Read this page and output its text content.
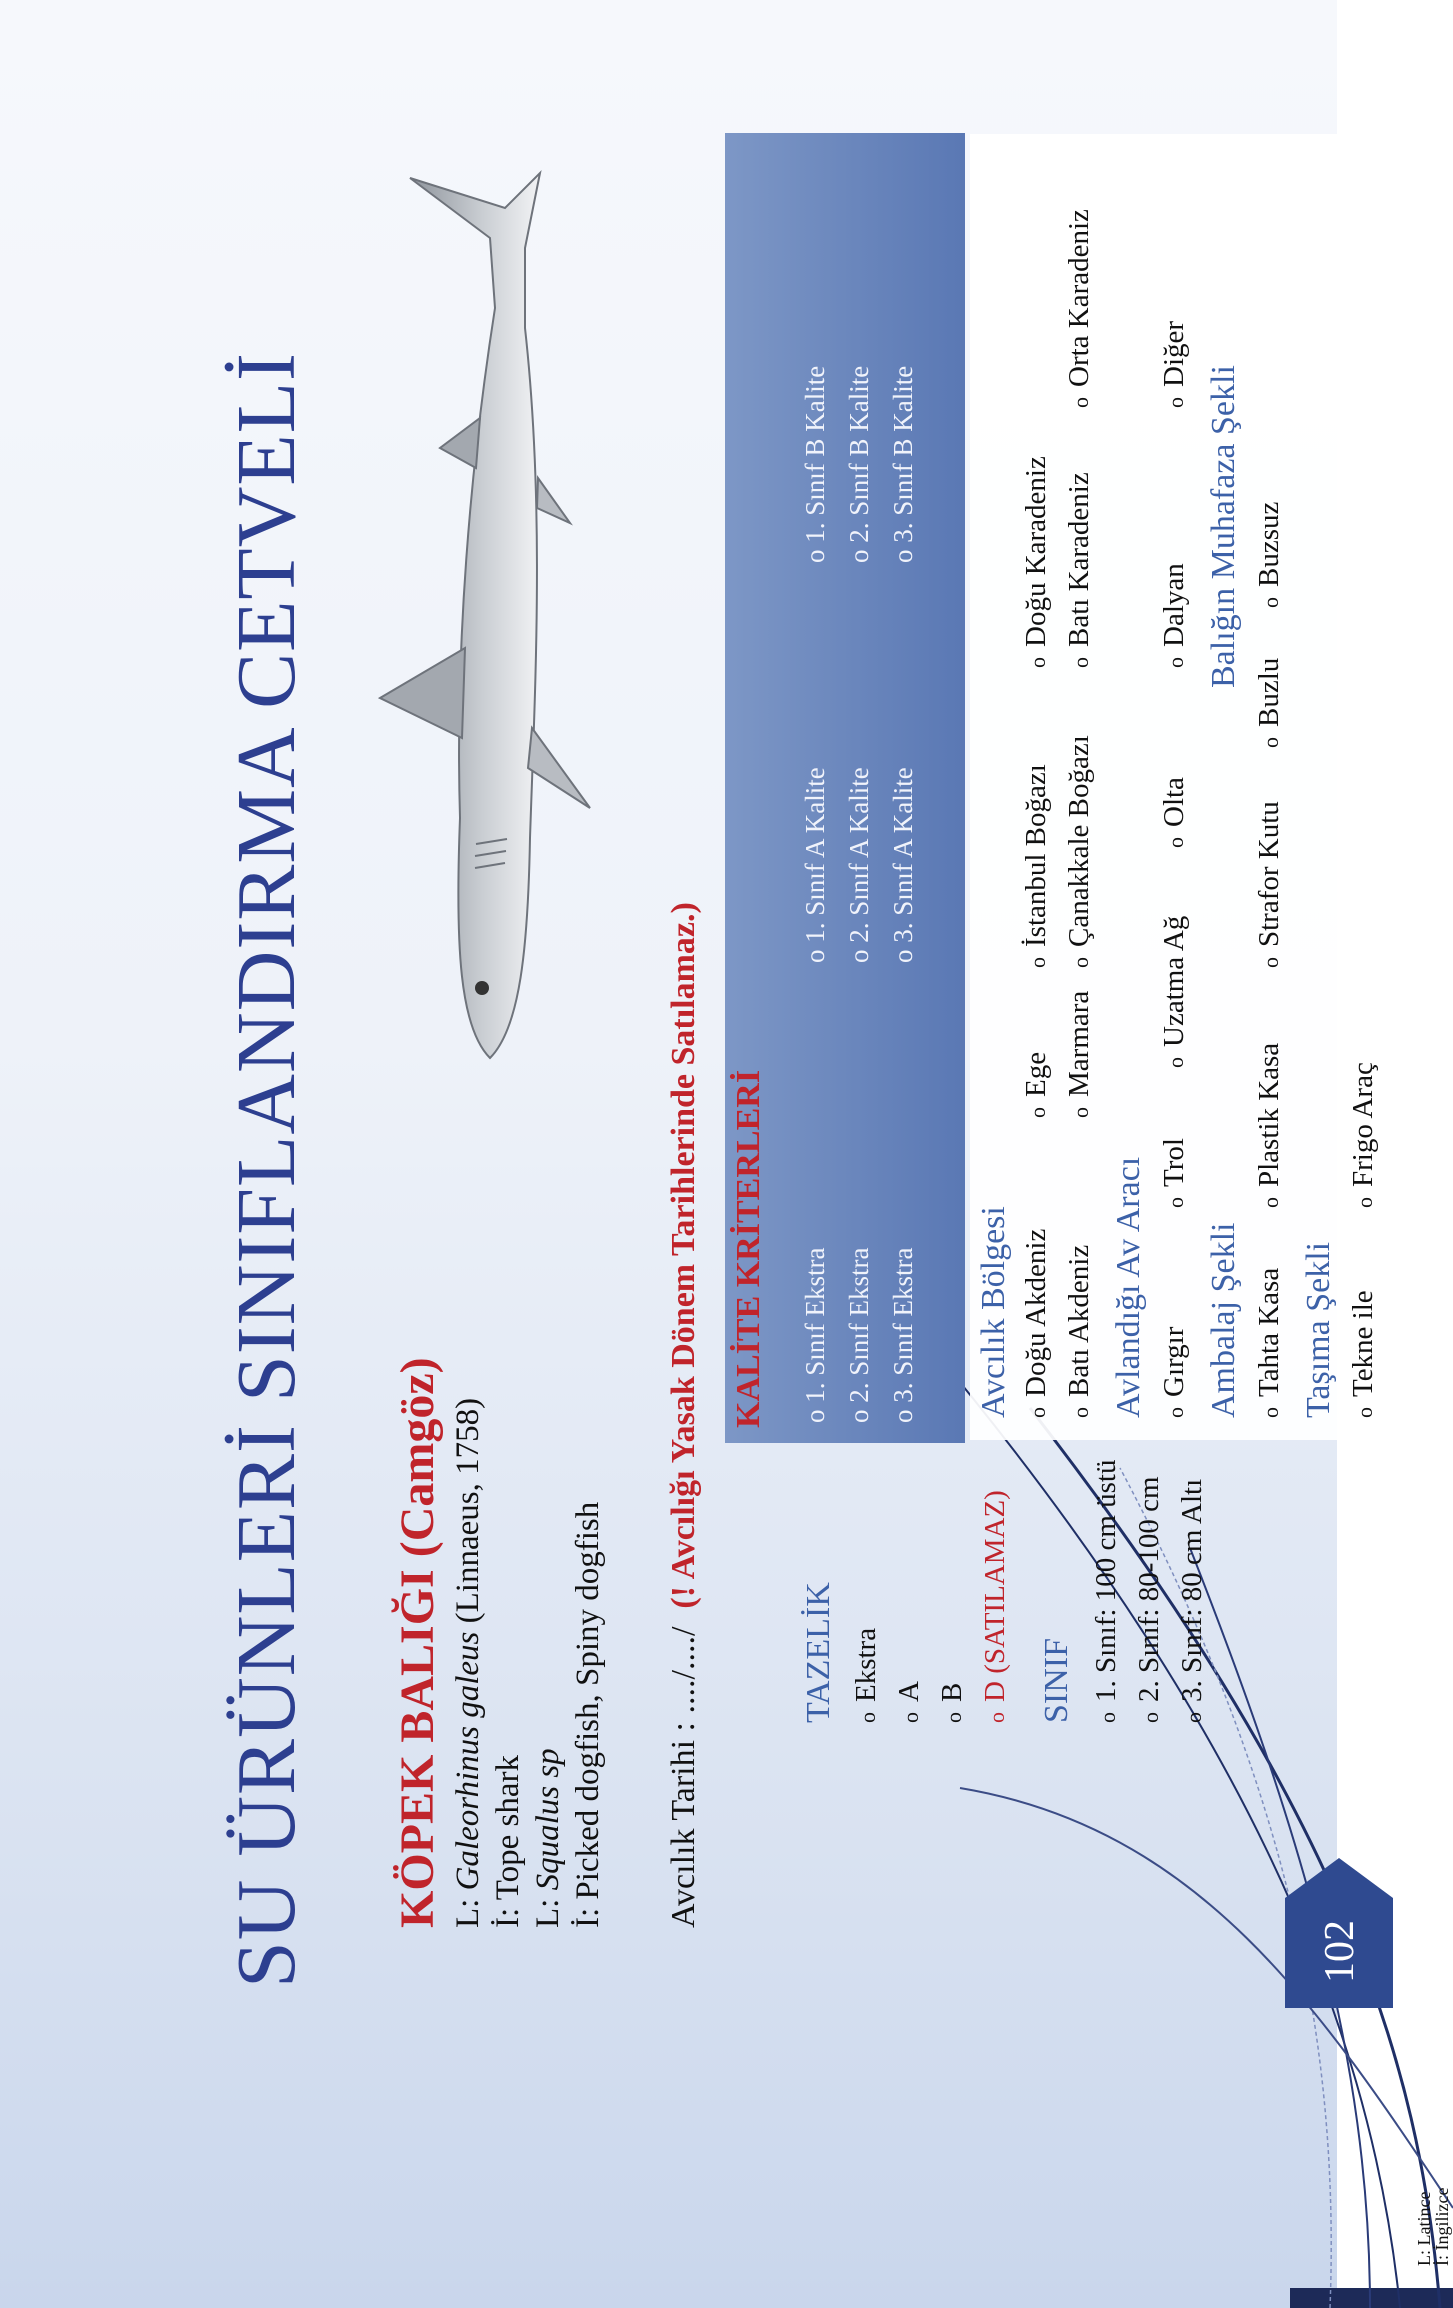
102
L: Latince
İ: İngilizce
SU ÜRÜNLERİ SINIFLANDIRMA CETVELİ KÖPEK BALIĞI (Camgöz) L: Galeorhinus galeus (Linnaeus, 1758)
İ: Tope shark L: Squalus sp İ: Picked dogfish, Spiny dogfish Avcılık Tarihi : ..../..../(! Avcılığı Yasak Dönem Tarihlerinde Satılamaz.)
TAZELİK oEkstra
oA
oB
oD (SATILAMAZ) SINIF o1. Sınıf: 100 cm üstü
o2. Sınıf: 80-100 cm
o3. Sınıf: 80 cm Altı
KALİTE KRİTERLERİ o 1. Sınıf Ekstra
o 2. Sınıf Ekstra
o 3. Sınıf Ekstra
o 1. Sınıf A Kalite
o 2. Sınıf A Kalite
o 3. Sınıf A Kalite
o 1. Sınıf B Kalite
o 2. Sınıf B Kalite
o 3. Sınıf B Kalite
Avcılık Bölgesi oDoğu Akdeniz
oEge
oİstanbul Boğazı
oDoğu Karadeniz
oBatı Akdeniz
oMarmara
oÇanakkale Boğazı
oBatı Karadeniz
oOrta Karadeniz
Avlandığı Av Aracı oGırgır
oTrol
oUzatma Ağ
oOlta
oDalyan
oDiğer
Ambalaj Şekli
Balığın Muhafaza Şekli
oTahta Kasa
oPlastik Kasa
oStrafor Kutu
oBuzlu
oBuzsuz
Taşıma Şekli oTekne ile
oFrigo Araç
